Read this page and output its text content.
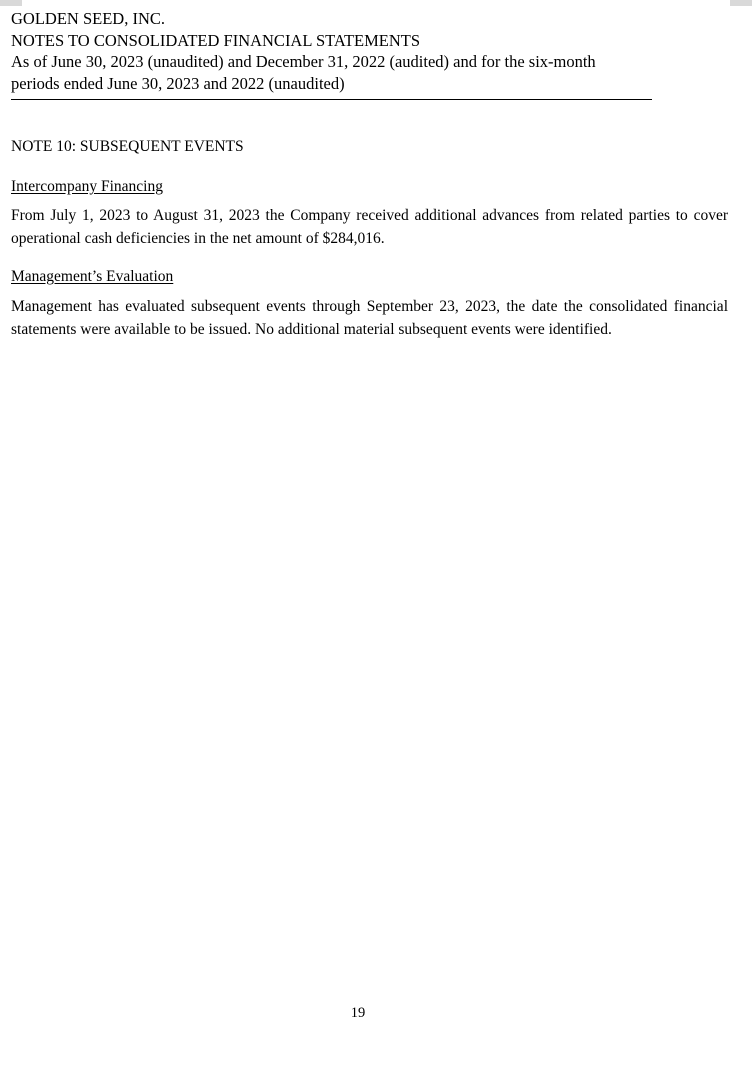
GOLDEN SEED, INC.
NOTES TO CONSOLIDATED FINANCIAL STATEMENTS
As of June 30, 2023 (unaudited) and December 31, 2022 (audited) and for the six-month
periods ended June 30, 2023 and 2022 (unaudited)
NOTE 10: SUBSEQUENT EVENTS
Intercompany Financing
From July 1, 2023 to August 31, 2023 the Company received additional advances from related parties to cover operational cash deficiencies in the net amount of $284,016.
Management’s Evaluation
Management has evaluated subsequent events through September 23, 2023, the date the consolidated financial statements were available to be issued. No additional material subsequent events were identified.
19
